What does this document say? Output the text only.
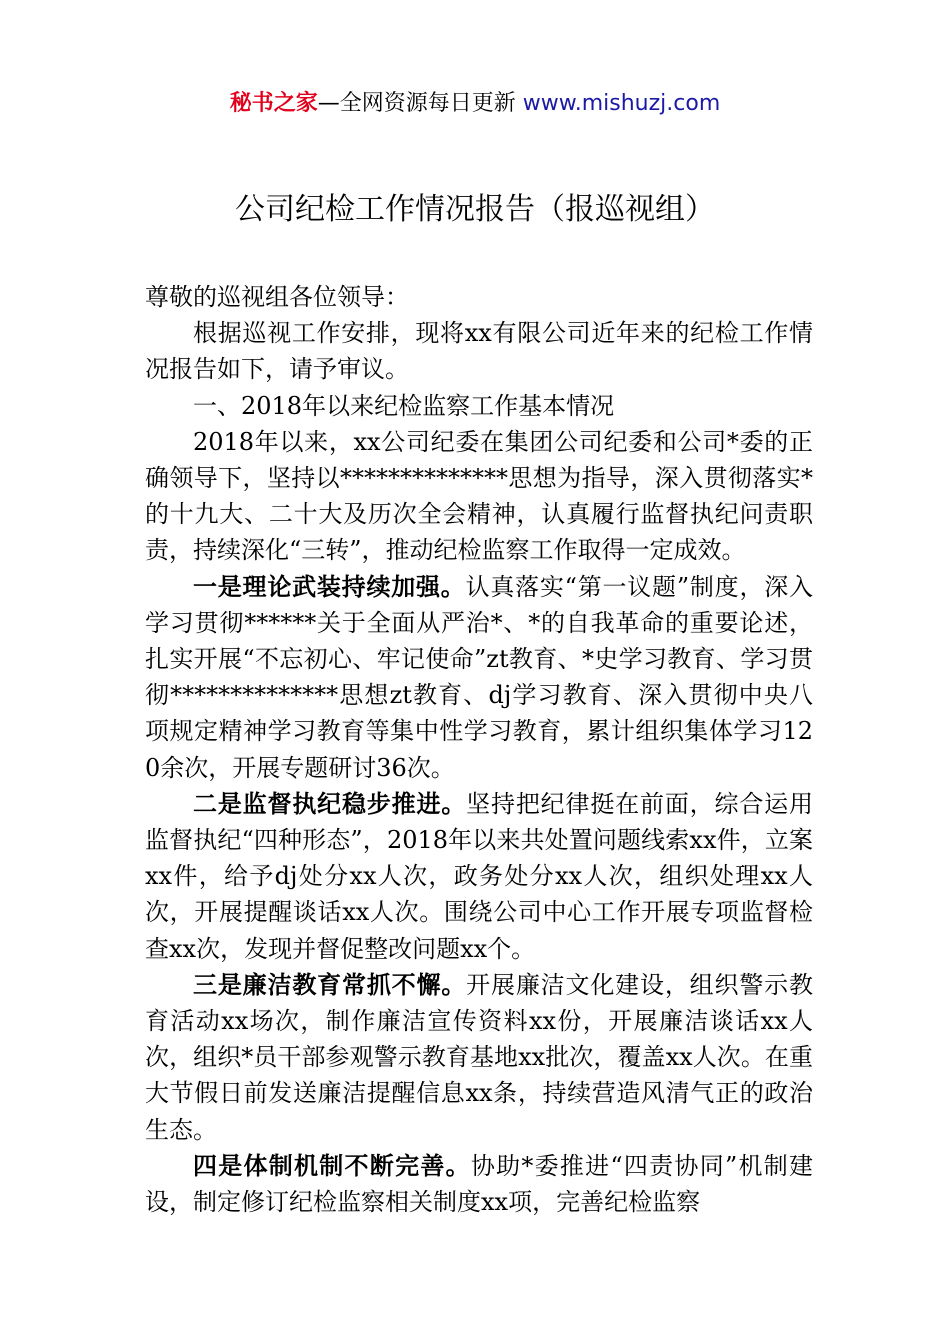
秘书之家—全网资源每日更新 www.mishuzj.com
公司纪检工作情况报告（报巡视组）

尊敬的巡视组各位领导：

根据巡视工作安排，现将xx有限公司近年来的纪检工作情况报告如下，请予审议。

一、2018年以来纪检监察工作基本情况

2018年以来，xx公司纪委在集团公司纪委和公司*委的正确领导下，坚持以**************思想为指导，深入贯彻落实*的十九大、二十大及历次全会精神，认真履行监督执纪问责职责，持续深化“三转”，推动纪检监察工作取得一定成效。

一是理论武装持续加强。认真落实“第一议题”制度，深入学习贯彻******关于全面从严治*、*的自我革命的重要论述，扎实开展“不忘初心、牢记使命”zt教育、*史学习教育、学习贯彻**************思想zt教育、dj学习教育、深入贯彻中央八项规定精神学习教育等集中性学习教育，累计组织集体学习120余次，开展专题研讨36次。

二是监督执纪稳步推进。坚持把纪律挺在前面，综合运用监督执纪“四种形态”，2018年以来共处置问题线索xx件，立案xx件，给予dj处分xx人次，政务处分xx人次，组织处理xx人次，开展提醒谈话xx人次。围绕公司中心工作开展专项监督检查xx次，发现并督促整改问题xx个。

三是廉洁教育常抓不懈。开展廉洁文化建设，组织警示教育活动xx场次，制作廉洁宣传资料xx份，开展廉洁谈话xx人次，组织*员干部参观警示教育基地xx批次，覆盖xx人次。在重大节假日前发送廉洁提醒信息xx条，持续营造风清气正的政治生态。

四是体制机制不断完善。协助*委推进“四责协同”机制建设，制定修订纪检监察相关制度xx项，完善纪检监察
